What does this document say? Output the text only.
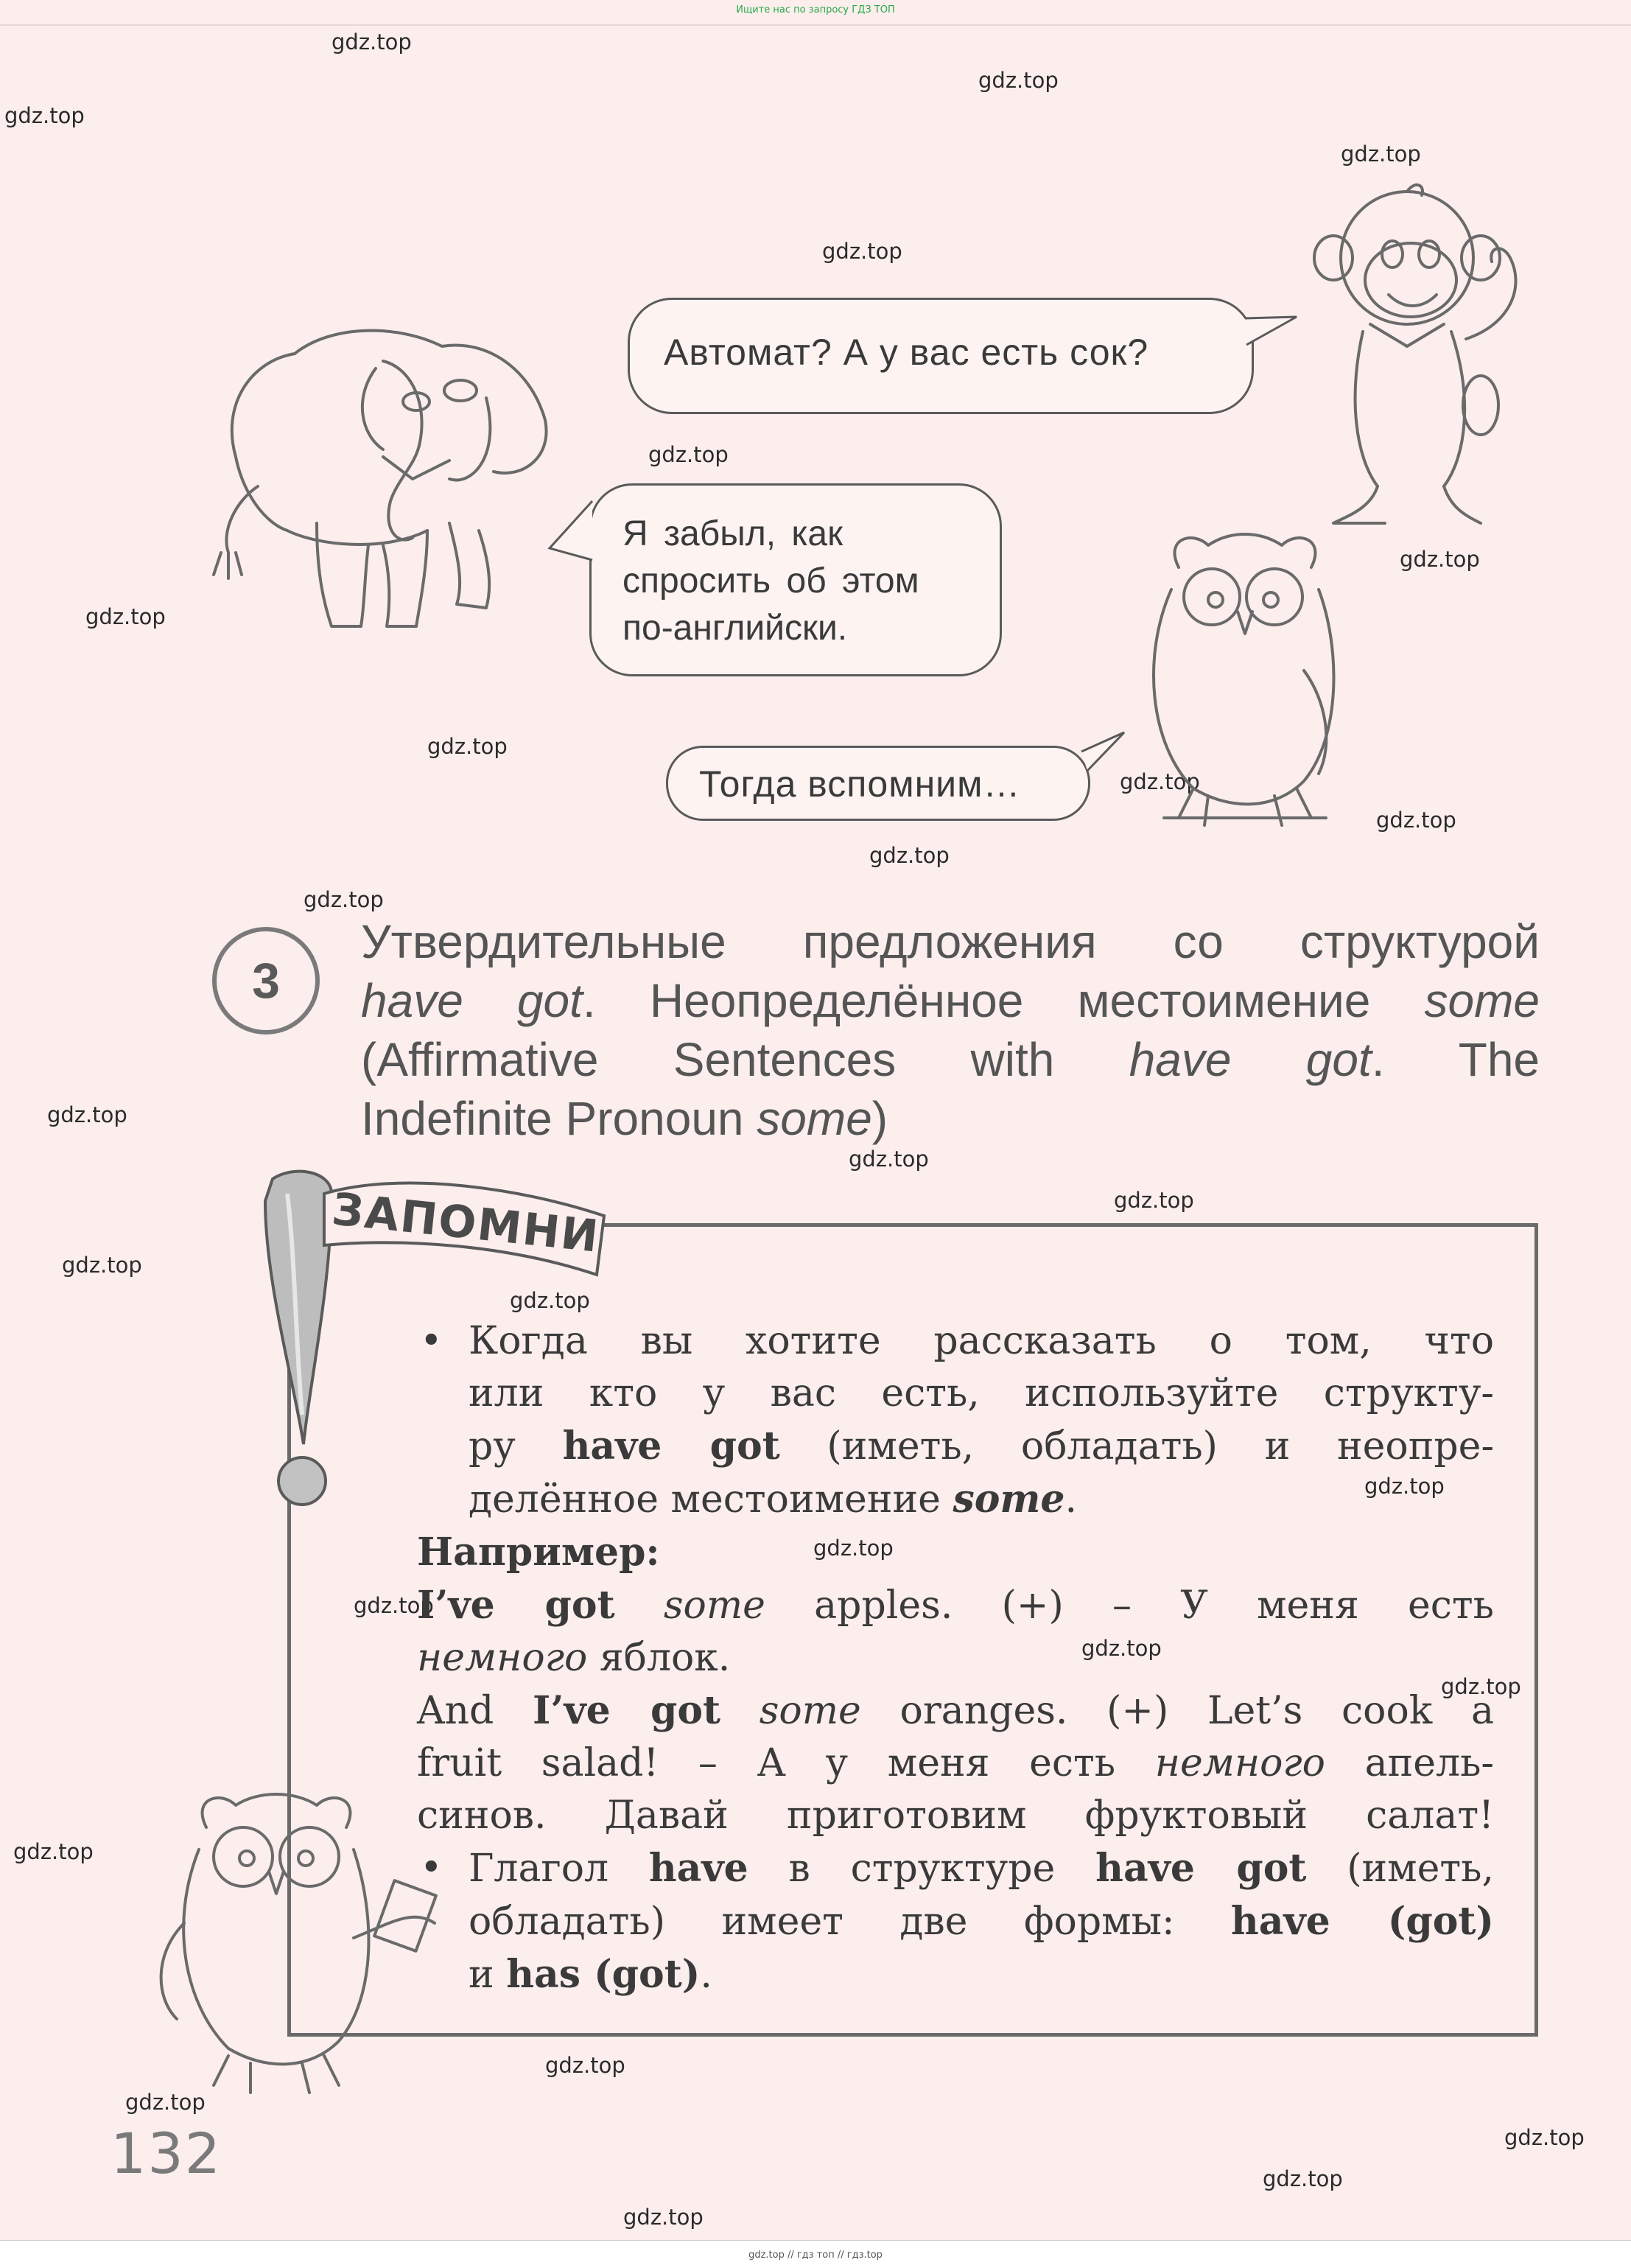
Ищите нас по запросу ГДЗ ТОП
gdz.top
gdz.top
gdz.top
gdz.top
gdz.top
gdz.top
gdz.top
gdz.top
gdz.top
gdz.top
gdz.top
gdz.top
gdz.top
gdz.top
gdz.top
gdz.top
gdz.top
gdz.top
gdz.top
gdz.top
gdz.top
gdz.top
gdz.top
gdz.top
gdz.top
gdz.top
gdz.top
gdz.top
gdz.top
Автомат? А у вас есть сок?
Я забыл, как
спросить об этом
по-английски.
Тогда вспомним…
3
Утвердительные предложения со структурой
have got. Неопределённое местоимение some
(Affirmative Sentences with have got. The
Indefinite Pronoun some)
ЗАПОМНИ
• Когда вы хотите рассказать о том, что
или кто у вас есть, используйте структу-
ру have got (иметь, обладать) и неопре-
делённое местоимение some.
Например:
I’ve got some apples. (+) – У меня есть
немного яблок.
And I’ve got some oranges. (+) Let’s cook a
fruit salad! – А у меня есть немного апель-
синов. Давай приготовим фруктовый салат!
• Глагол have в структуре have got (иметь,
обладать) имеет две формы: have (got)
и has (got).
132
gdz.top // гдз топ // гдз.top
